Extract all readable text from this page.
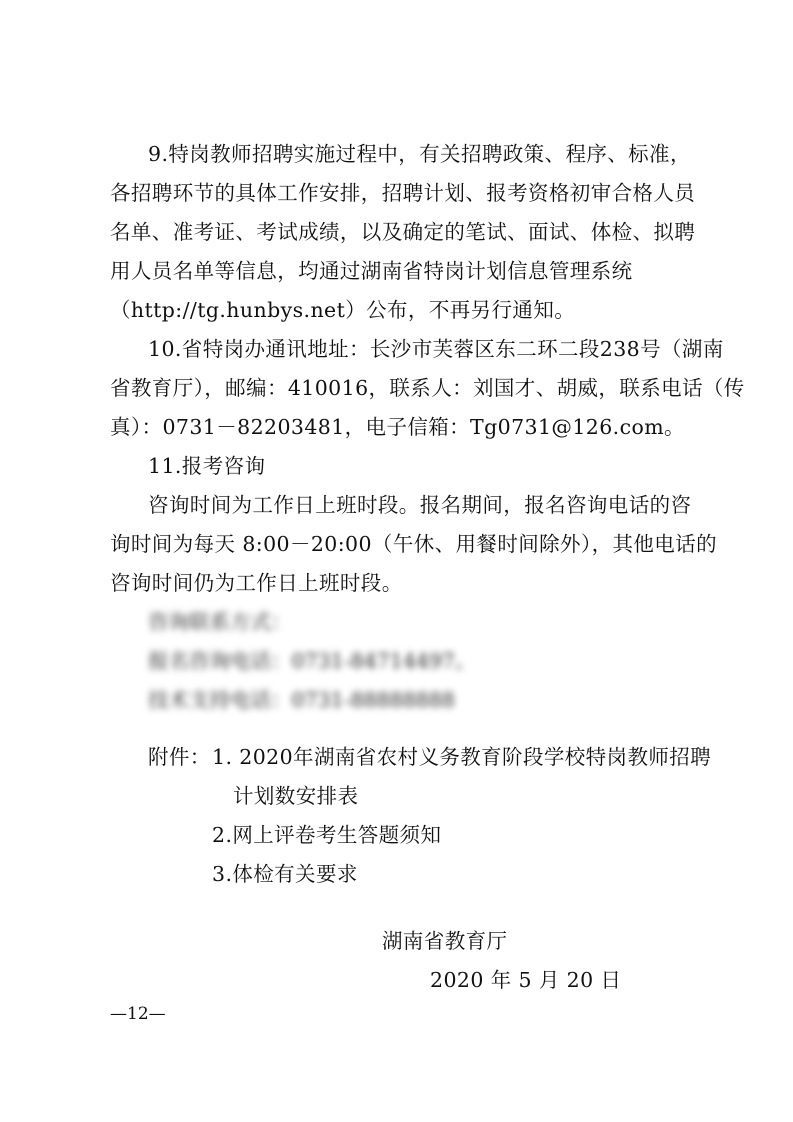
9.特岗教师招聘实施过程中，有关招聘政策、程序、标准，
各招聘环节的具体工作安排，招聘计划、报考资格初审合格人员
名单、准考证、考试成绩，以及确定的笔试、面试、体检、拟聘
用人员名单等信息，均通过湖南省特岗计划信息管理系统
（http://tg.hunbys.net）公布，不再另行通知。
10.省特岗办通讯地址：长沙市芙蓉区东二环二段238号（湖南
省教育厅），邮编：410016，联系人：刘国才、胡威，联系电话（传
真）：0731－82203481，电子信箱：Tg0731@126.com。
11.报考咨询
咨询时间为工作日上班时段。报名期间，报名咨询电话的咨
询时间为每天 8:00－20:00（午休、用餐时间除外），其他电话的
咨询时间仍为工作日上班时段。
咨询联系方式：
报名咨询电话：0731-84714497。
技术支持电话：0731-88888888
附件： 1. 2020年湖南省农村义务教育阶段学校特岗教师招聘
计划数安排表
2.网上评卷考生答题须知
3.体检有关要求
湖南省教育厅
2020 年 5 月 20 日
—12—
